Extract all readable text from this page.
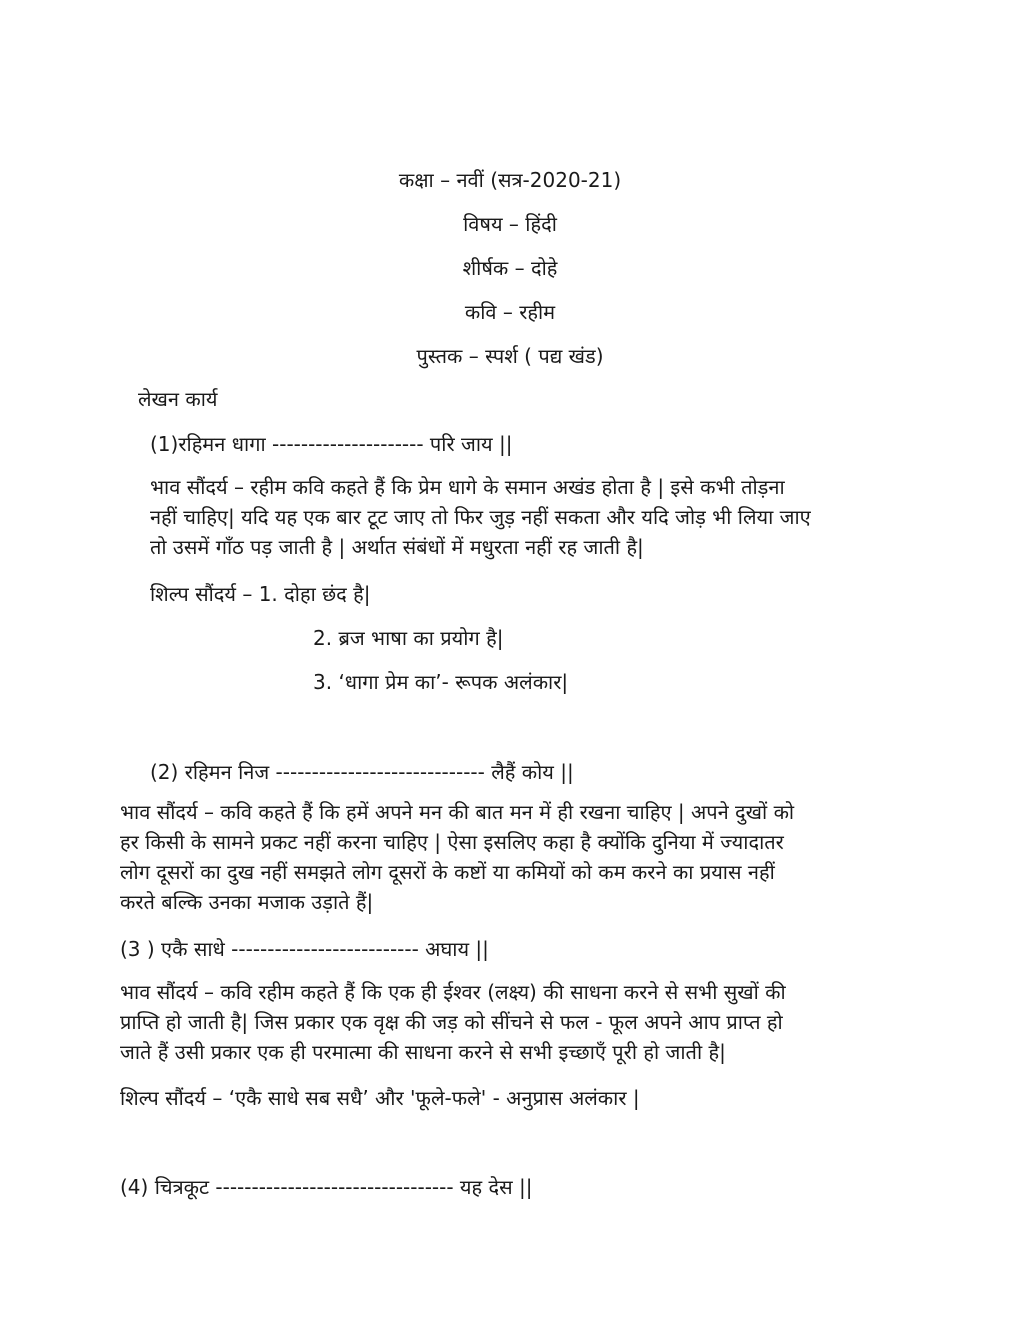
कक्षा – नवीं (सत्र-2020-21)
विषय – हिंदी
शीर्षक – दोहे
कवि – रहीम
पुस्तक – स्पर्श ( पद्य खंड)
लेखन कार्य
(1)रहिमन धागा --------------------- परि जाय ||
भाव सौंदर्य – रहीम कवि कहते हैं कि प्रेम धागे के समान अखंड होता है | इसे कभी तोड़ना
नहीं चाहिए| यदि यह एक बार टूट जाए तो फिर जुड़ नहीं सकता और यदि जोड़ भी लिया जाए
तो उसमें गाँठ पड़ जाती है | अर्थात संबंधों में मधुरता नहीं रह जाती है|
शिल्प सौंदर्य – 1. दोहा छंद है|
2. ब्रज भाषा का प्रयोग है|
3. ‘धागा प्रेम का’- रूपक अलंकार|
(2) रहिमन निज ----------------------------- लैहैं कोय ||
भाव सौंदर्य – कवि कहते हैं कि हमें अपने मन की बात मन में ही रखना चाहिए | अपने दुखों को
हर किसी के सामने प्रकट नहीं करना चाहिए | ऐसा इसलिए कहा है क्योंकि दुनिया में ज्यादातर
लोग दूसरों का दुख नहीं समझते लोग दूसरों के कष्टों या कमियों को कम करने का प्रयास नहीं
करते बल्कि उनका मजाक उड़ाते हैं|
(3 ) एकै साधे -------------------------- अघाय ||
भाव सौंदर्य – कवि रहीम कहते हैं कि एक ही ईश्वर (लक्ष्य) की साधना करने से सभी सुखों की
प्राप्ति हो जाती है| जिस प्रकार एक वृक्ष की जड़ को सींचने से फल - फूल अपने आप प्राप्त हो
जाते हैं उसी प्रकार एक ही परमात्मा की साधना करने से सभी इच्छाएँ पूरी हो जाती है|
शिल्प सौंदर्य – ‘एकै साधे सब सधै’ और 'फूले-फले' - अनुप्रास अलंकार |
(4) चित्रकूट --------------------------------- यह देस ||
